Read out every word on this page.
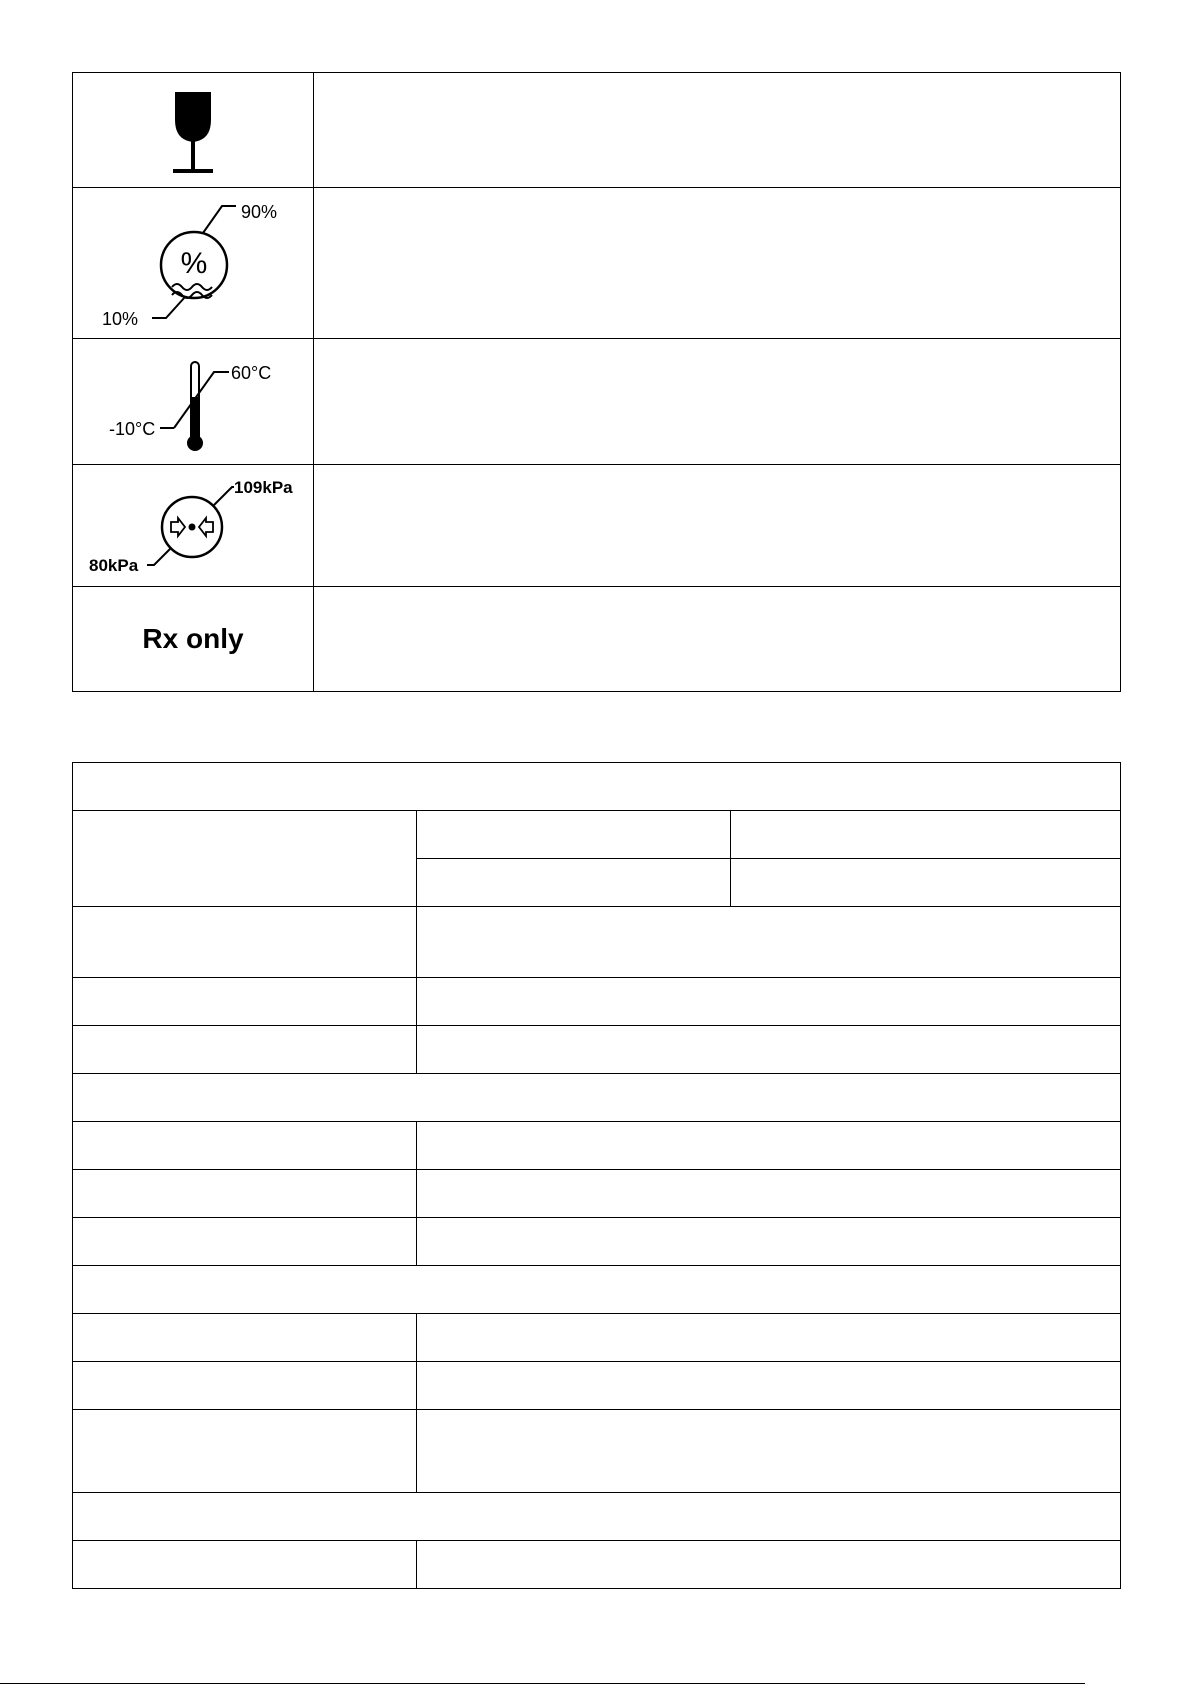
%
90%
10%	

60°C
-10°C	

109kPa
80kPa	

Rx only	
